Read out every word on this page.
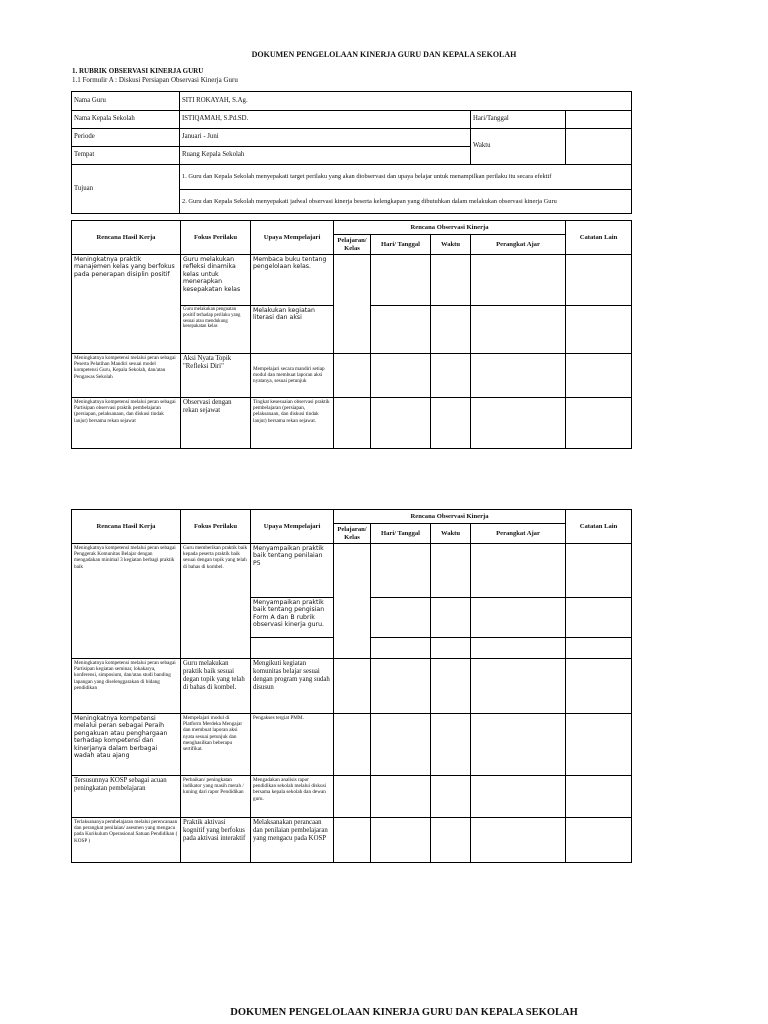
DOKUMEN PENGELOLAAN KINERJA GURU DAN KEPALA SEKOLAH
1. RUBRIK OBSERVASI KINERJA GURU
1.1 Formulir A : Diskusi Persiapan Observasi Kinerja Guru
Nama Guru	SITI ROKAYAH, S.Ag.		
Nama Kepala Sekolah	ISTIQAMAH, S.Pd.SD.	Hari/Tanggal	
Periode	Januari - Juni	Waktu	
Tempat	Ruang Kepala Sekolah		
Tujuan	1. Guru dan Kepala Sekolah menyepakati target perilaku yang akan diobservasi dan upaya belajar untuk menampilkan perilaku itu secara efektif		
	2. Guru dan Kepala Sekolah menyepakati jadwal observasi kinerja beserta kelengkapan yang dibutuhkan dalam melakukan observasi kinerja Guru		
Rencana Hasil Kerja	Fokus Perilaku	Upaya Mempelajari	Rencana Observasi Kinerja				Catatan Lain
			Pelajaran/ Kelas	Hari/ Tanggal	Waktu	Perangkat Ajar	
Meningkatnya praktik manajemen kelas yang berfokus pada penerapan disiplin positif	Guru melakukan refleksi dinamika kelas untuk menerapkan kesepakatan kelas	Membaca buku tentang pengelolaan kelas.					
	Guru melakukan penguatan positif terhadap perilaku yang sesuai atau mendukung kesepakatan kelas	Melakukan kegiatan literasi dan aksi					
Meningkatnya kompetensi melalui peran sebagai Peserta Pelatihan Mandiri sesuai model kompetensi Guru, Kepala Sekolah, dan/atau Pengawas Sekolah	Aksi Nyata Topik "Refleksi Diri"	Mempelajari secara mandiri setiap modul dan membuat laporan aksi nyatanya, sesuai petunjuk					
Meningkatnya kompetensi melalui peran sebagai Partisipan observasi praktik pembelajaran (persiapan, pelaksanaan, dan diskusi tindak lanjut) bersama rekan sejawat	Observasi dengan rekan sejawat	Tingkat kesesuaian observasi praktik pembelajaran (persiapan, pelaksanaan, dan diskusi tindak lanjut) bersama rekan sejawat.					
Rencana Hasil Kerja	Fokus Perilaku	Upaya Mempelajari	Rencana Observasi Kinerja				Catatan Lain
			Pelajaran/ Kelas	Hari/ Tanggal	Waktu	Perangkat Ajar	
Meningkatnya kompetensi melalui peran sebagai Penggerak Komunitas Belajar dengan mengadakan minimal 3 kegiatan berbagi praktik baik	Guru memberikan praktik baik kepada peserta praktik baik sesuai dengan topik yang telah di bahas di kombel.	Menyampaikan praktik baik tentang penilaian P5					
		Menyampaikan praktik baik tentang pengisian Form A dan B rubrik observasi kinerja guru.					

Meningkatnya kompetensi melalui peran sebagai Partisipan kegiatan seminar, lokakarya, konferensi, simposium, dan/atau studi banding lapangan yang diselenggarakan di bidang pendidikan	Guru melakukan praktik baik sesuai degan topik yang telah di bahas di kombel.	Mengikuti kegiatan komunitas belajar sesuai dengan program yang sudah disusun					
Meningkatnya kompetensi melalui peran sebagai Peraih pengakuan atau penghargaan terhadap kompetensi dan kinerjanya dalam berbagai wadah atau ajang	Mempelajari modul di Platform Merdeka Mengajar dan membuat laporan aksi nyata sesuai petunjuk dan menghasilkan beberapu sertifikat.	Pengakses tergiat PMM.					
Tersusunnya KOSP sebagai acuan peningkatan pembelajaran	Perbaikan/ peningkatan indikator yang masih merah / kuning dari rapor Pendidikan	Mengadakan analisis rapor pendidikan sekolah melalui diskusi bersama kepala sekolah dan dewan guru.					
Terlaksananya pembelajaran melalui perencanaan dan perangkat penilaian/ asesmen yang mengacu pada Kurikulum Operasional Satuan Pendidikan ( KOSP )	Praktik aktivasi kognitif yang berfokus pada aktivasi interaktif	Melaksanakan perancaan dan penilaian pembelajaran yang mengacu pada KOSP					
DOKUMEN PENGELOLAAN KINERJA GURU DAN KEPALA SEKOLAH
